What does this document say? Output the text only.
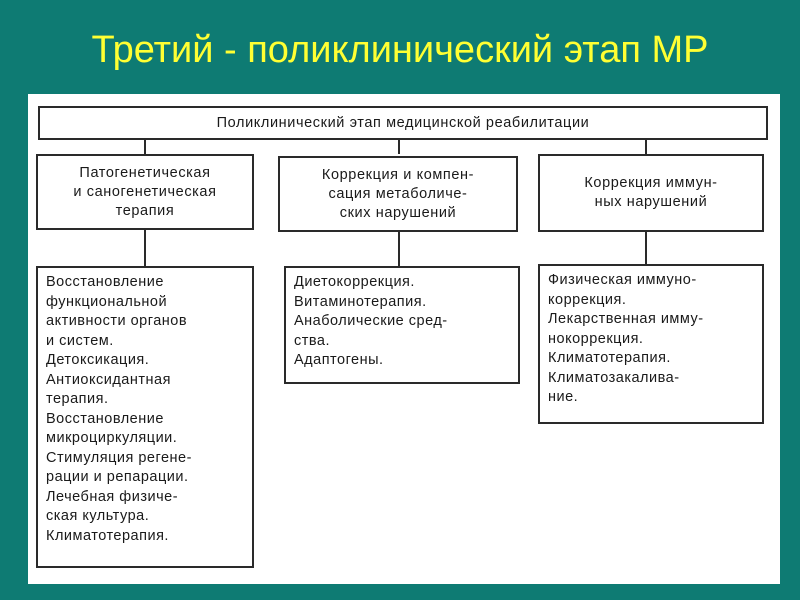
Третий - поликлинический этап МР
Поликлинический этап медицинской реабилитации
Патогенетическая
и саногенетическая
терапия
Коррекция и компен-
сация метаболиче-
ских нарушений
Коррекция иммун-
ных нарушений
Восстановление
функциональной
активности органов
и систем.
Детоксикация.
Антиоксидантная
терапия.
Восстановление
микроциркуляции.
Стимуляция регене-
рации и репарации.
Лечебная физиче-
ская культура.
Климатотерапия.
Диетокоррекция.
Витаминотерапия.
Анаболические сред-
ства.
Адаптогены.
Физическая иммуно-
коррекция.
Лекарственная имму-
нокоррекция.
Климатотерапия.
Климатозакалива-
ние.
